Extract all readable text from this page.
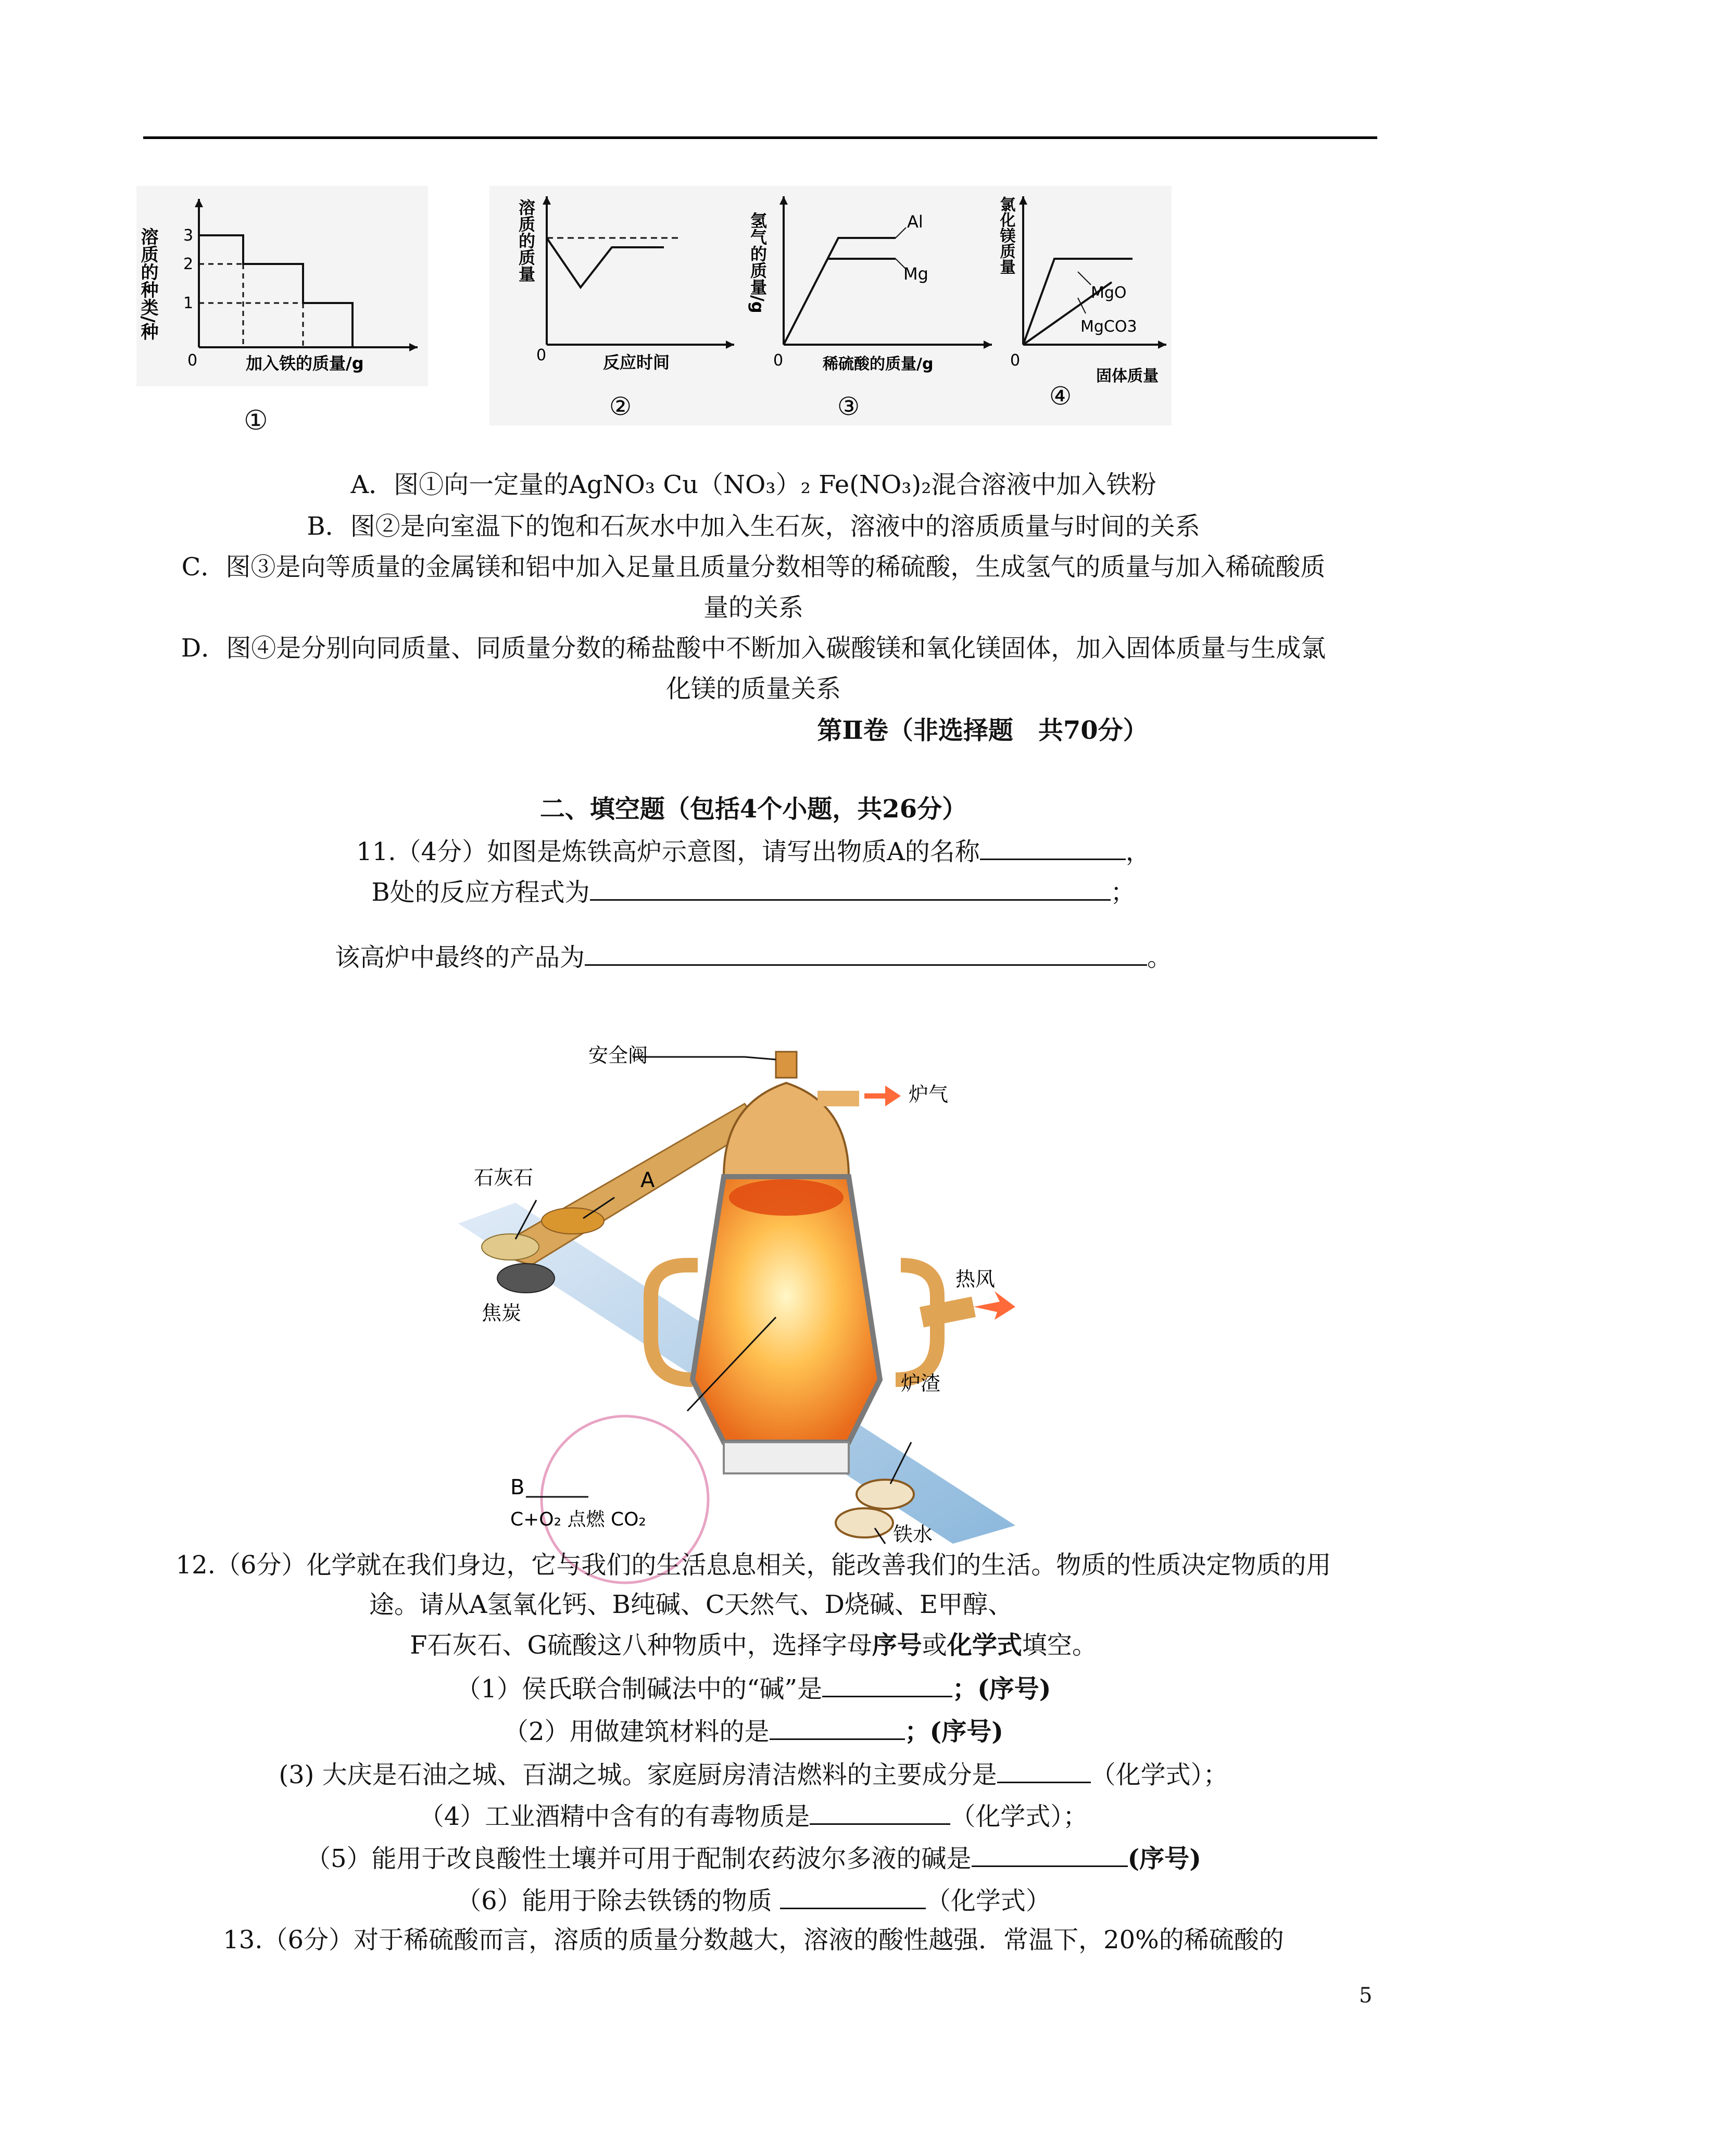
3
2
1
0	加入铁的质量/g
溶质的种类/种
①
0	反应时间
溶质的质量
②
Al
Mg
0	稀硫酸的质量/g
氢气的质量/g
③
MgO
MgCO3
0
固体质量
氯化镁质量
④
A．图①向一定量的AgNO₃ Cu（NO₃）₂ Fe(NO₃)₂混合溶液中加入铁粉
B．图②是向室温下的饱和石灰水中加入生石灰，溶液中的溶质质量与时间的关系
C．图③是向等质量的金属镁和铝中加入足量且质量分数相等的稀硫酸，生成氢气的质量与加入稀硫酸质
量的关系
D．图④是分别向同质量、同质量分数的稀盐酸中不断加入碳酸镁和氧化镁固体，加入固体质量与生成氯
化镁的质量关系
第Ⅱ卷（非选择题　共70分）
二、填空题（包括4个小题，共26分）
11.（4分）如图是炼铁高炉示意图，请写出物质A的名称	，
B处的反应方程式为	；
该高炉中最终的产品为	。
安全阀
炉气
石灰石	A
焦炭
热风
炉渣
铁水
B
C+O₂ 点燃 CO₂
12.（6分）化学就在我们身边，它与我们的生活息息相关，能改善我们的生活。物质的性质决定物质的用
途。请从A氢氧化钙、B纯碱、C天然气、D烧碱、E甲醇、
F石灰石、G硫酸这八种物质中，选择字母序号或化学式填空。
（1）侯氏联合制碱法中的“碱”是	；(序号)
（2）用做建筑材料的是	；(序号)
(3) 大庆是石油之城、百湖之城。家庭厨房清洁燃料的主要成分是	（化学式）；
（4）工业酒精中含有的有毒物质是	（化学式）；
（5）能用于改良酸性土壤并可用于配制农药波尔多液的碱是	(序号)
（6）能用于除去铁锈的物质	（化学式）
13.（6分）对于稀硫酸而言，溶质的质量分数越大，溶液的酸性越强．常温下，20%的稀硫酸的
5
